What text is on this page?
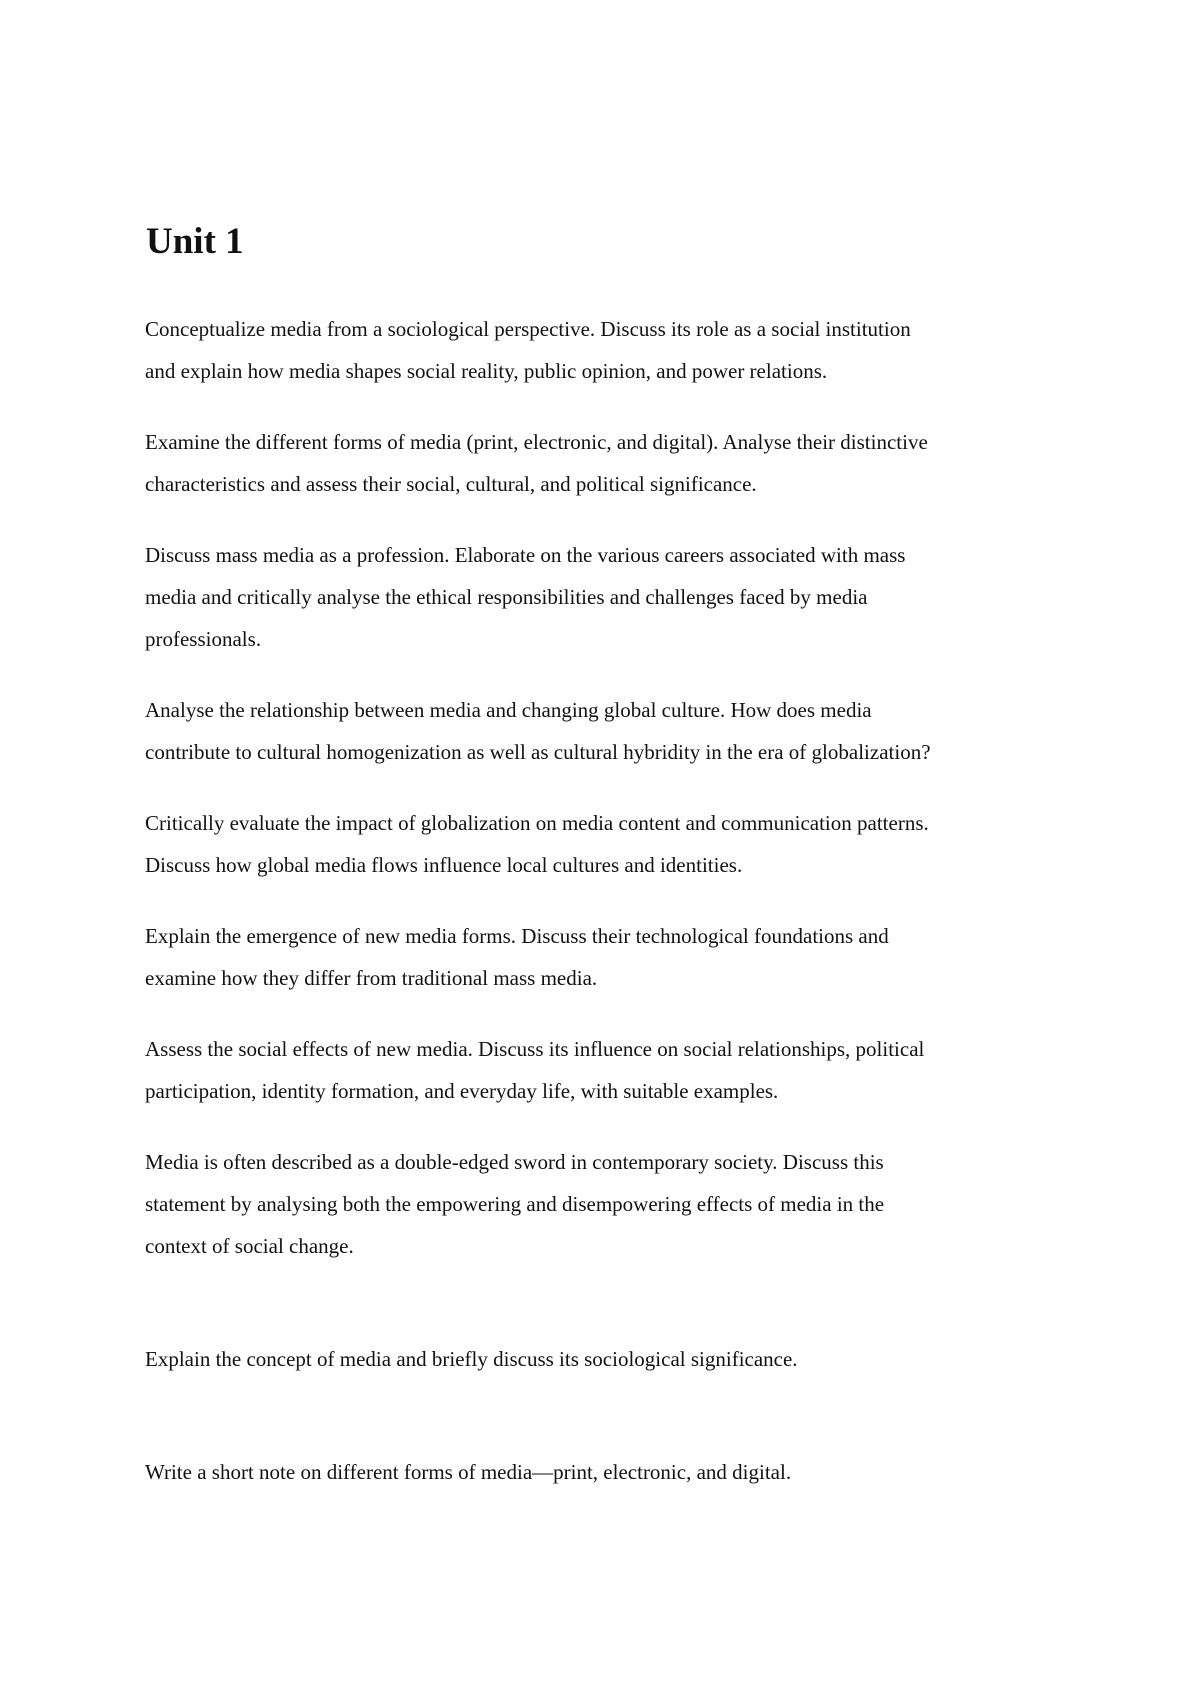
Unit 1

Conceptualize media from a sociological perspective. Discuss its role as a social institution
and explain how media shapes social reality, public opinion, and power relations.

Examine the different forms of media (print, electronic, and digital). Analyse their distinctive
characteristics and assess their social, cultural, and political significance.

Discuss mass media as a profession. Elaborate on the various careers associated with mass
media and critically analyse the ethical responsibilities and challenges faced by media
professionals.

Analyse the relationship between media and changing global culture. How does media
contribute to cultural homogenization as well as cultural hybridity in the era of globalization?

Critically evaluate the impact of globalization on media content and communication patterns.
Discuss how global media flows influence local cultures and identities.

Explain the emergence of new media forms. Discuss their technological foundations and
examine how they differ from traditional mass media.

Assess the social effects of new media. Discuss its influence on social relationships, political
participation, identity formation, and everyday life, with suitable examples.

Media is often described as a double-edged sword in contemporary society. Discuss this
statement by analysing both the empowering and disempowering effects of media in the
context of social change.

Explain the concept of media and briefly discuss its sociological significance.

Write a short note on different forms of media—print, electronic, and digital.
